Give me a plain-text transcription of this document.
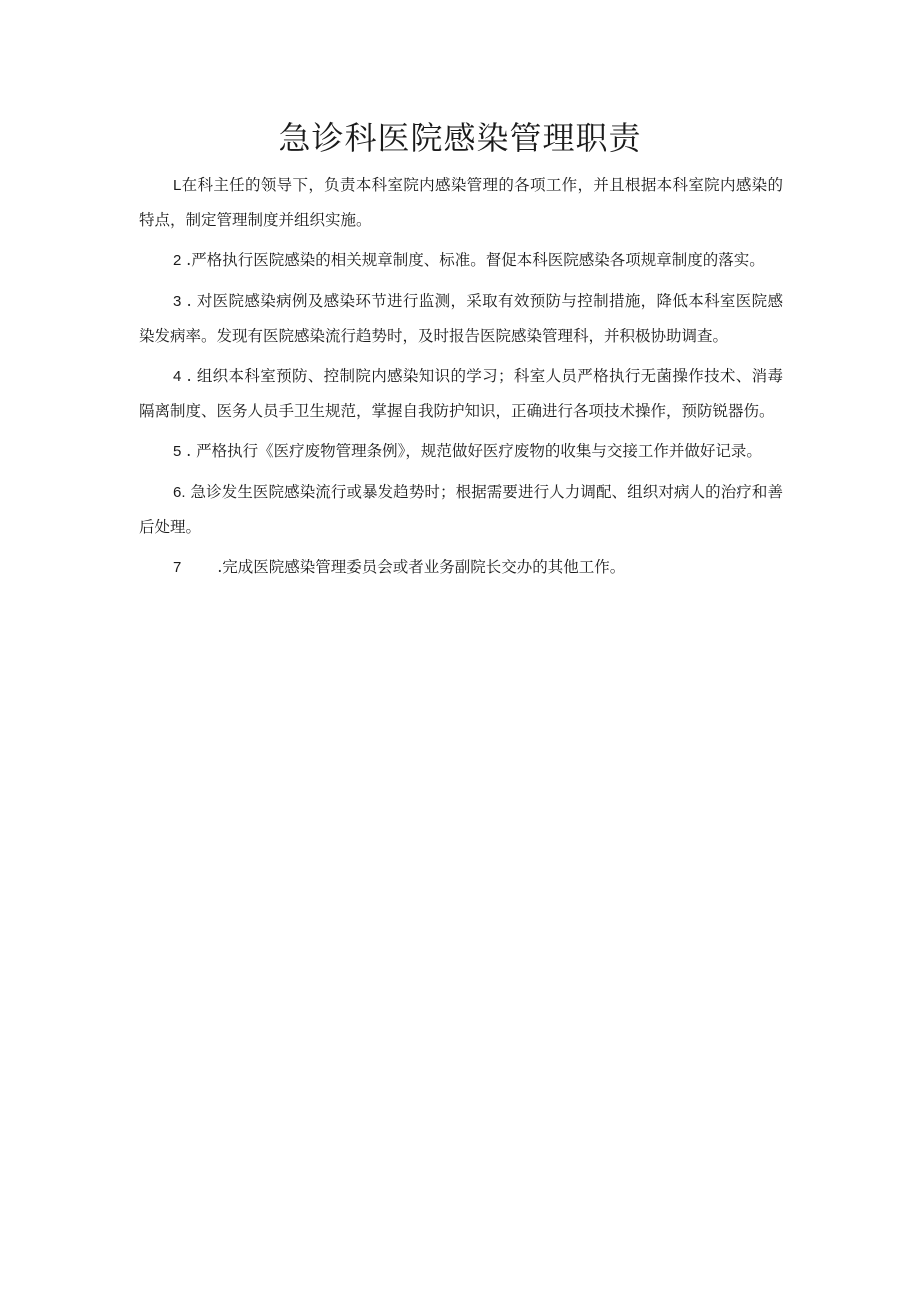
急诊科医院感染管理职责

L在科主任的领导下，负责本科室院内感染管理的各项工作，并且根据本科室院内感染的特点，制定管理制度并组织实施。

2 .严格执行医院感染的相关规章制度、标准。督促本科医院感染各项规章制度的落实。

3 . 对医院感染病例及感染环节进行监测，采取有效预防与控制措施，降低本科室医院感染发病率。发现有医院感染流行趋势时，及时报告医院感染管理科，并积极协助调查。

4 . 组织本科室预防、控制院内感染知识的学习；科室人员严格执行无菌操作技术、消毒隔离制度、医务人员手卫生规范，掌握自我防护知识，正确进行各项技术操作，预防锐器伤。

5 . 严格执行《医疗废物管理条例》，规范做好医疗废物的收集与交接工作并做好记录。

6. 急诊发生医院感染流行或暴发趋势时；根据需要进行人力调配、组织对病人的治疗和善后处理。

7 .完成医院感染管理委员会或者业务副院长交办的其他工作。
